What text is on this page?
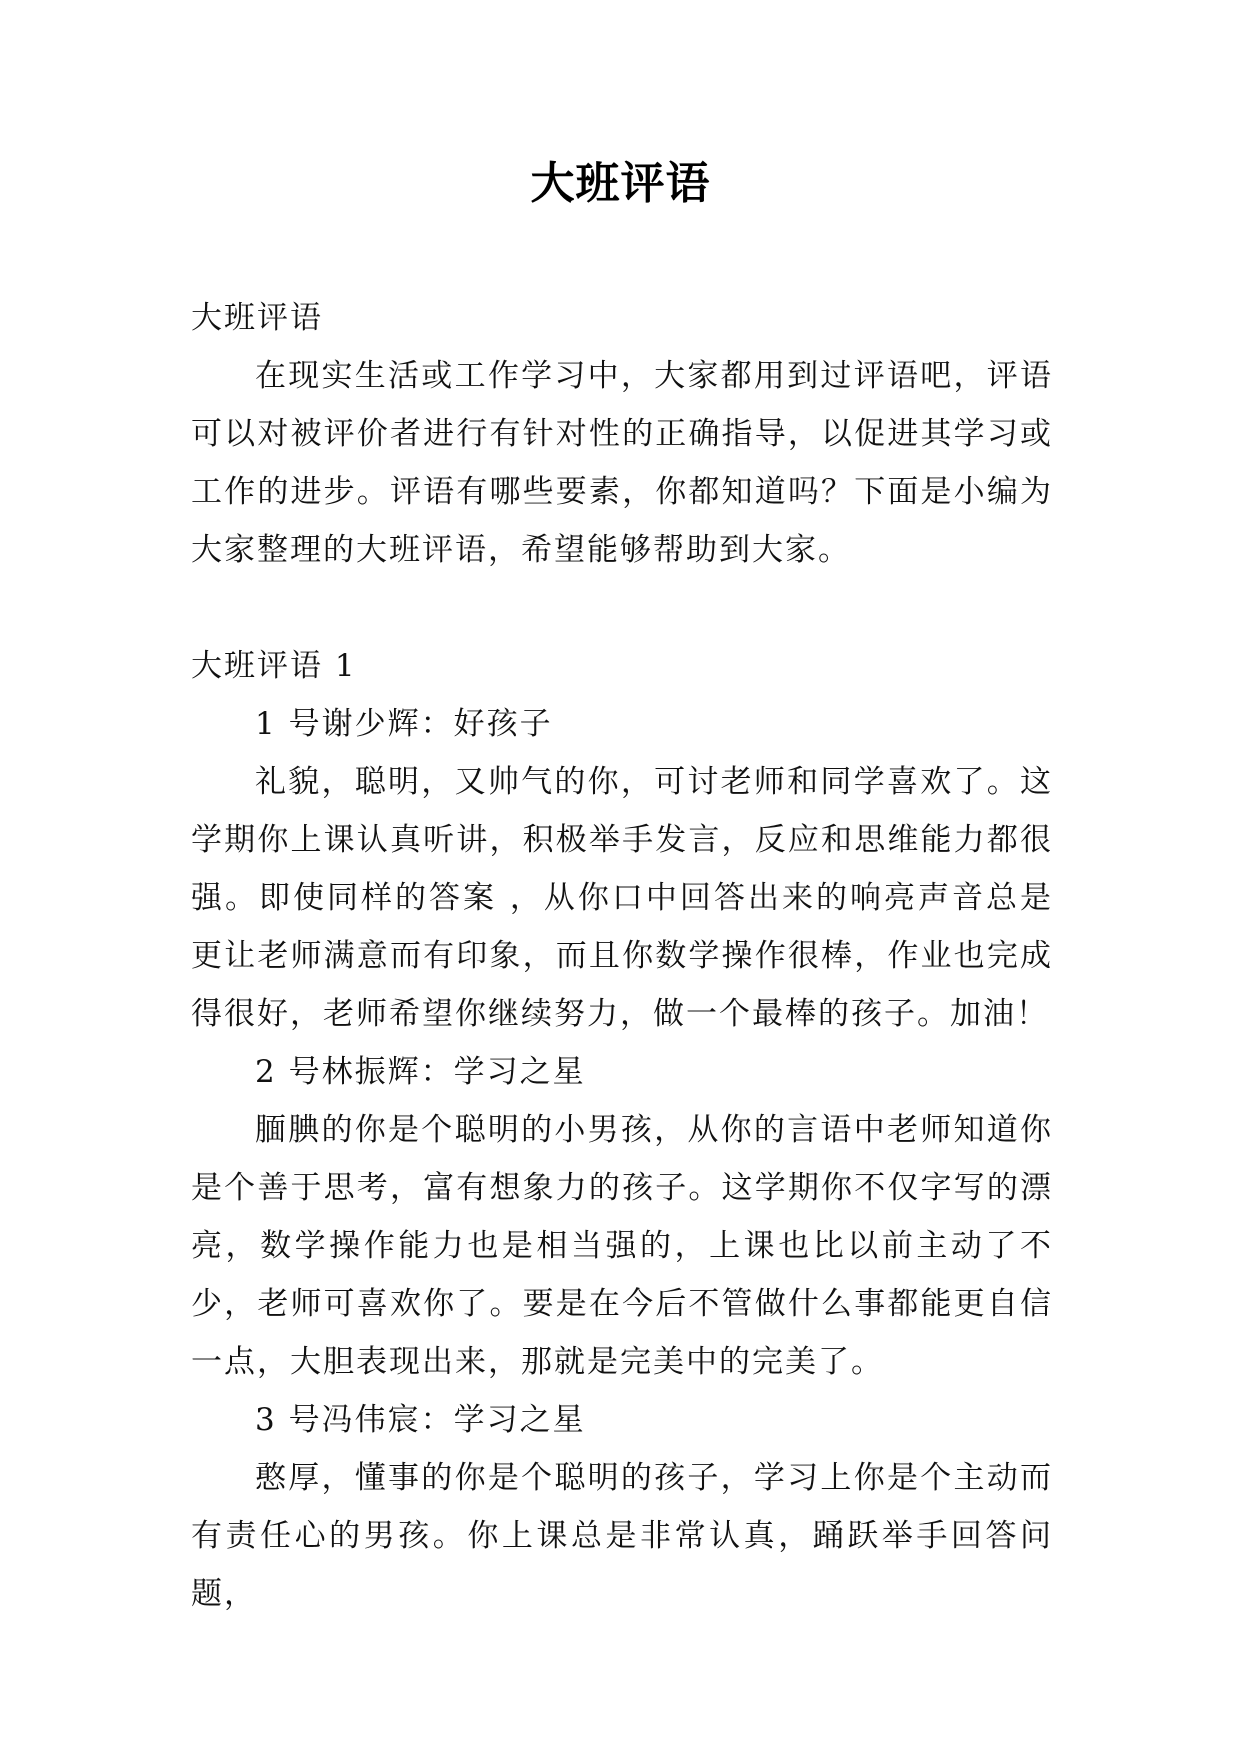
大班评语

大班评语

在现实生活或工作学习中，大家都用到过评语吧，评语可以对被评价者进行有针对性的正确指导，以促进其学习或工作的进步。评语有哪些要素，你都知道吗？下面是小编为大家整理的大班评语，希望能够帮助到大家。

大班评语 1

1 号谢少辉：好孩子

礼貌，聪明，又帅气的你，可讨老师和同学喜欢了。这学期你上课认真听讲，积极举手发言，反应和思维能力都很强。即使同样的答案 ，从你口中回答出来的响亮声音总是更让老师满意而有印象，而且你数学操作很棒，作业也完成得很好，老师希望你继续努力，做一个最棒的孩子。加油！

2 号林振辉：学习之星

腼腆的你是个聪明的小男孩，从你的言语中老师知道你是个善于思考，富有想象力的孩子。这学期你不仅字写的漂亮，数学操作能力也是相当强的，上课也比以前主动了不少，老师可喜欢你了。要是在今后不管做什么事都能更自信一点，大胆表现出来，那就是完美中的完美了。

3 号冯伟宸：学习之星

憨厚，懂事的你是个聪明的孩子，学习上你是个主动而有责任心的男孩。你上课总是非常认真，踊跃举手回答问题，
